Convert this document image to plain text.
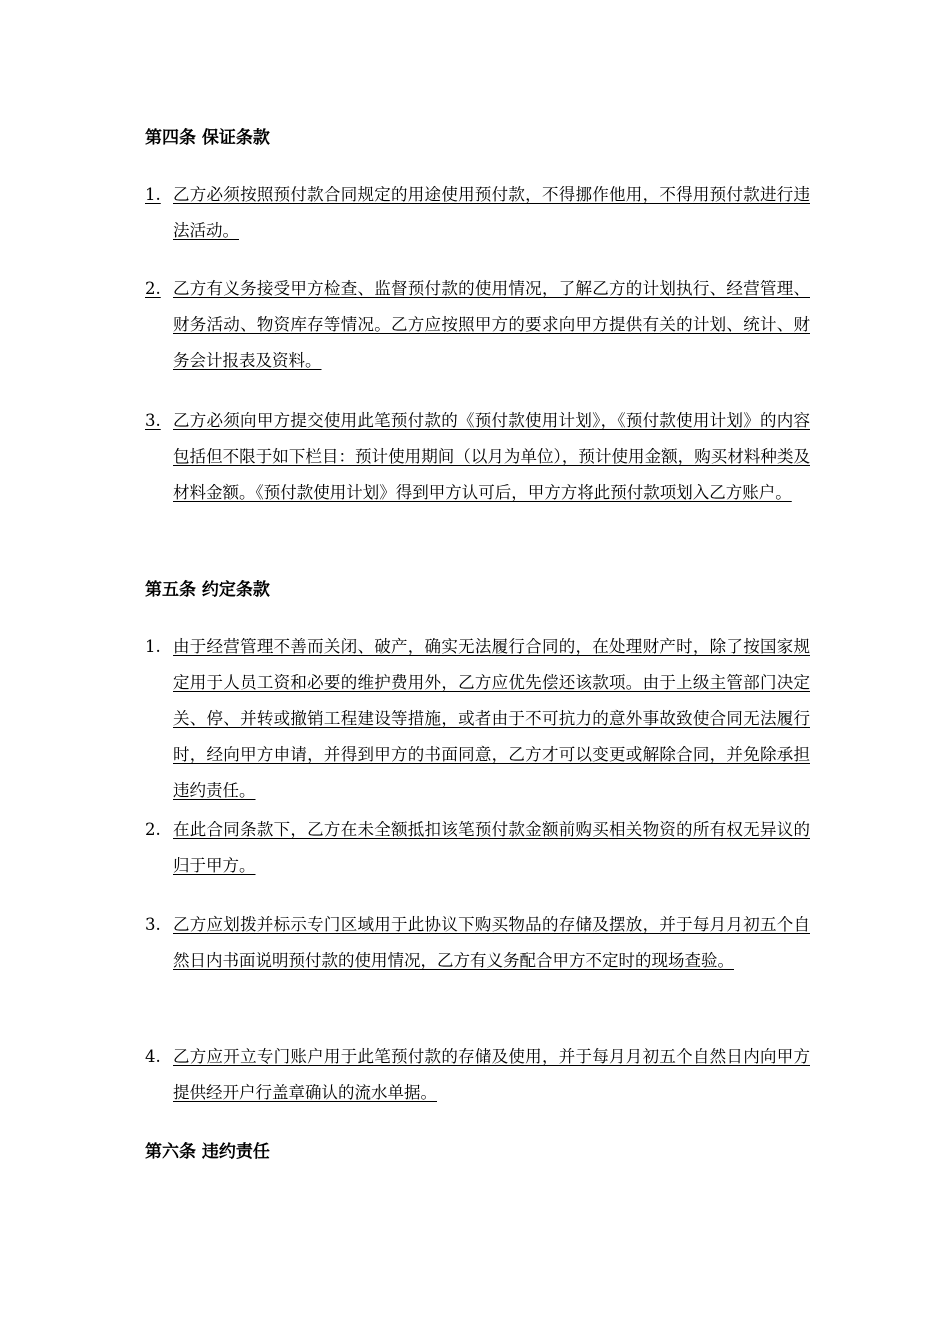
第四条 保证条款
1. 乙方必须按照预付款合同规定的用途使用预付款，不得挪作他用，不得用预付款进行违法活动。
2. 乙方有义务接受甲方检查、监督预付款的使用情况，了解乙方的计划执行、经营管理、财务活动、物资库存等情况。乙方应按照甲方的要求向甲方提供有关的计划、统计、财务会计报表及资料。
3. 乙方必须向甲方提交使用此笔预付款的《预付款使用计划》，《预付款使用计划》的内容包括但不限于如下栏目：预计使用期间（以月为单位），预计使用金额，购买材料种类及材料金额。《预付款使用计划》得到甲方认可后，甲方方将此预付款项划入乙方账户。
第五条 约定条款
1. 由于经营管理不善而关闭、破产，确实无法履行合同的，在处理财产时，除了按国家规定用于人员工资和必要的维护费用外，乙方应优先偿还该款项。由于上级主管部门决定关、停、并转或撤销工程建设等措施，或者由于不可抗力的意外事故致使合同无法履行时，经向甲方申请，并得到甲方的书面同意，乙方才可以变更或解除合同，并免除承担违约责任。
2. 在此合同条款下，乙方在未全额抵扣该笔预付款金额前购买相关物资的所有权无异议的归于甲方。
3. 乙方应划拨并标示专门区域用于此协议下购买物品的存储及摆放，并于每月月初五个自然日内书面说明预付款的使用情况，乙方有义务配合甲方不定时的现场查验。
4. 乙方应开立专门账户用于此笔预付款的存储及使用，并于每月月初五个自然日内向甲方提供经开户行盖章确认的流水单据。
第六条 违约责任
